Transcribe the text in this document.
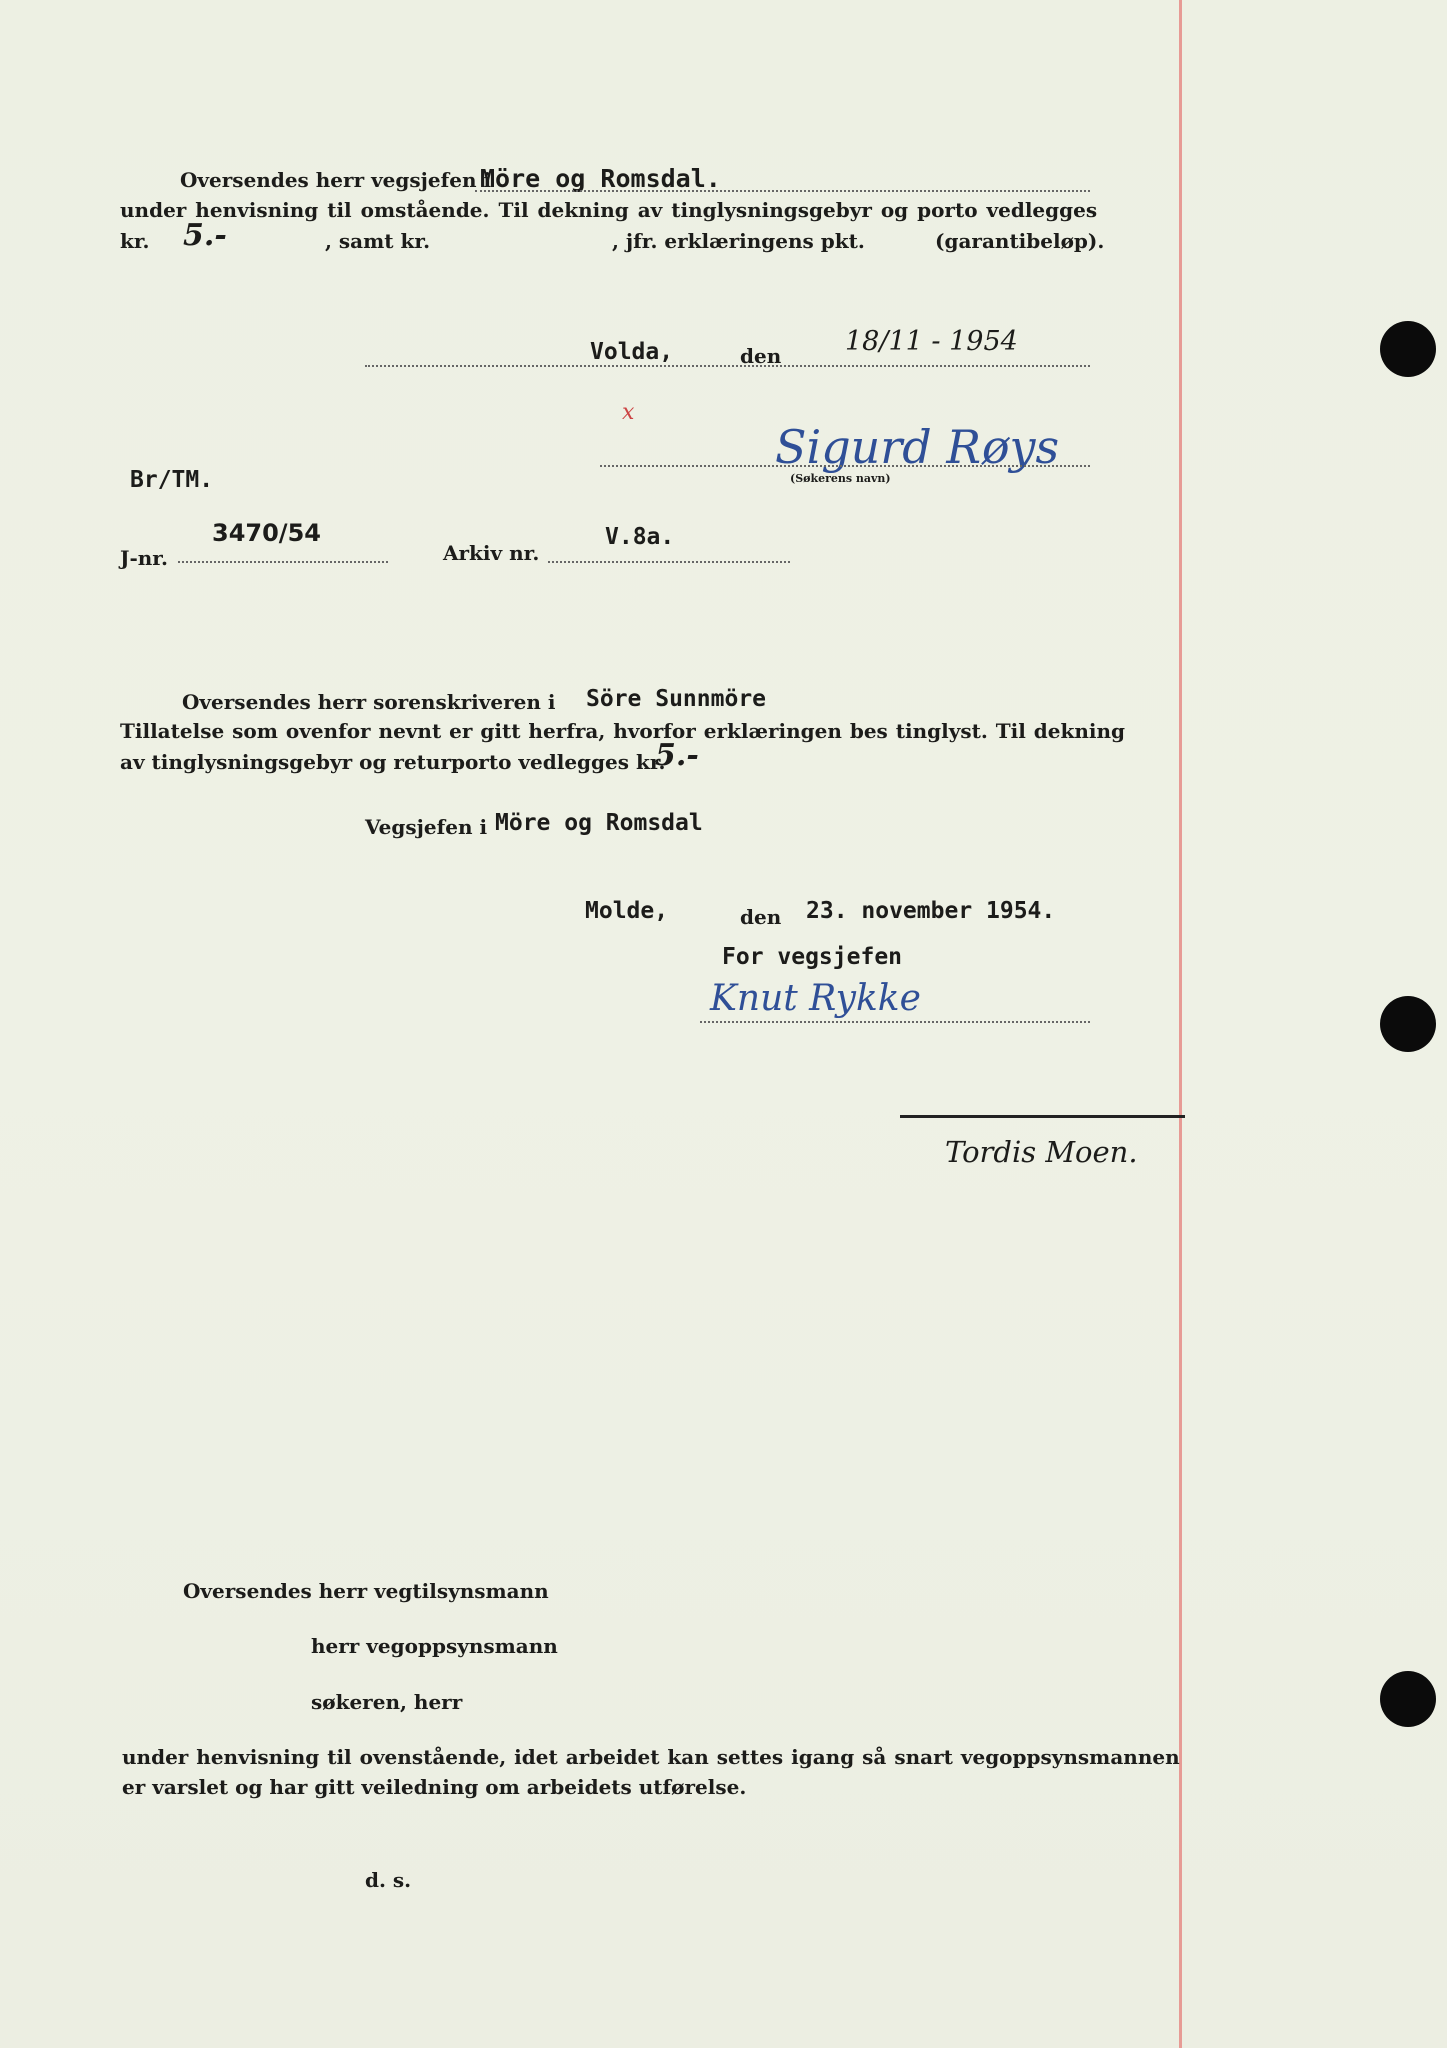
Oversendes herr vegsjefen i
Möre og Romsdal.
under henvisning til omstående. Til dekning av tinglysningsgebyr og porto vedlegges
kr. 5.-	, samt kr.	, jfr. erklæringens pkt.	(garantibeløp).
Volda,	den 18/11 - 1954
x
Sigurd Røys
(Søkerens navn)
Br/TM.
J-nr.
3470/54
Arkiv nr.
V.8a.
Oversendes herr sorenskriveren i Söre Sunnmöre
Tillatelse som ovenfor nevnt er gitt herfra, hvorfor erklæringen bes tinglyst. Til dekning
av tinglysningsgebyr og returporto vedlegges kr.
5.-
Vegsjefen i Möre og Romsdal
Molde,	den 23. november 1954.
For vegsjefen
Knut Rykke
Tordis Moen.
Oversendes herr vegtilsynsmann
herr vegoppsynsmann
søkeren, herr
under henvisning til ovenstående, idet arbeidet kan settes igang så snart vegoppsynsmannen
er varslet og har gitt veiledning om arbeidets utførelse.
d. s.
